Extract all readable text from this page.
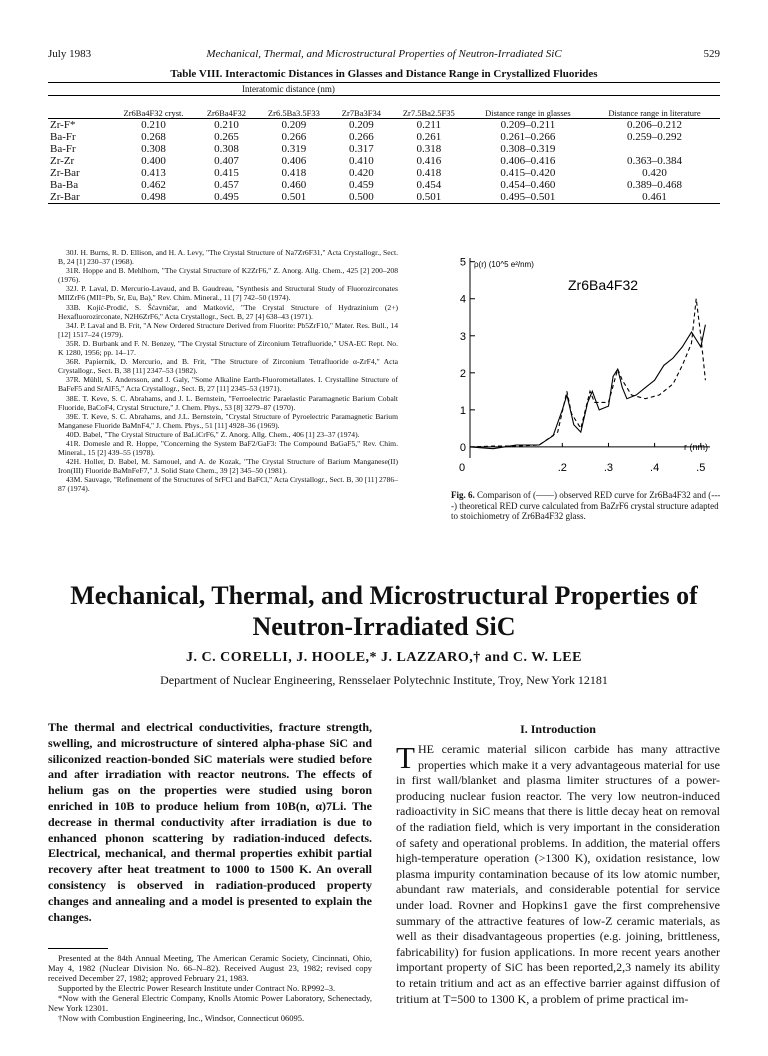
July 1983	Mechanical, Thermal, and Microstructural Properties of Neutron-Irradiated SiC	529
Table VIII. Interactomic Distances in Glasses and Distance Range in Crystallized Fluorides
	Interatomic distance (nm)						
	Zr6Ba4F32 cryst.	Zr6Ba4F32	Zr6.5Ba3.5F33	Zr7Ba3F34	Zr7.5Ba2.5F35	Distance range in glasses	Distance range in literature
Zr-F*	0.210	0.210	0.209	0.209	0.211	0.209–0.211	0.206–0.212
Ba-Fr	0.268	0.265	0.266	0.266	0.261	0.261–0.266	0.259–0.292
Ba-Fr	0.308	0.308	0.319	0.317	0.318	0.308–0.319	
Zr-Zr	0.400	0.407	0.406	0.410	0.416	0.406–0.416	0.363–0.384
Zr-Bar	0.413	0.415	0.418	0.420	0.418	0.415–0.420	0.420
Ba-Ba	0.462	0.457	0.460	0.459	0.454	0.454–0.460	0.389–0.468
Zr-Bar	0.498	0.495	0.501	0.500	0.501	0.495–0.501	0.461

30J. H. Burns, R. D. Ellison, and H. A. Levy, "The Crystal Structure of Na7Zr6F31," Acta Crystallogr., Sect. B, 24 [1] 230–37 (1968).

31R. Hoppe and B. Mehlhorn, "The Crystal Structure of K2ZrF6," Z. Anorg. Allg. Chem., 425 [2] 200–208 (1976).

32J. P. Laval, D. Mercurio-Lavaud, and B. Gaudreau, "Synthesis and Structural Study of Fluorozirconates MIIZrF6 (MII=Pb, Sr, Eu, Ba)," Rev. Chim. Mineral., 11 [7] 742–50 (1974).

33B. Kojić-Prodić, S. Šćavničar, and Matković, "The Crystal Structure of Hydrazinium (2+) Hexafluorozirconate, N2H6ZrF6," Acta Crystallogr., Sect. B, 27 [4] 638–43 (1971).

34J. P. Laval and B. Frit, "A New Ordered Structure Derived from Fluorite: Pb5ZrF10," Mater. Res. Bull., 14 [12] 1517–24 (1979).

35R. D. Burbank and F. N. Benzey, "The Crystal Structure of Zirconium Tetrafluoride," USA-EC Rept. No. K 1280, 1956; pp. 14–17.

36R. Papiernik, D. Mercurio, and B. Frit, "The Structure of Zirconium Tetrafluoride α-ZrF4," Acta Crystallogr., Sect. B, 38 [11] 2347–53 (1982).

37R. Mühll, S. Andersson, and J. Galy, "Some Alkaline Earth-Fluorometallates. I. Crystalline Structure of BaFeF5 and SrAlF5," Acta Crystallogr., Sect. B, 27 [11] 2345–53 (1971).

38E. T. Keve, S. C. Abrahams, and J. L. Bernstein, "Ferroelectric Paraelastic Paramagnetic Barium Cobalt Fluoride, BaCoF4, Crystal Structure," J. Chem. Phys., 53 [8] 3279–87 (1970).

39E. T. Keve, S. C. Abrahams, and J.L. Bernstein, "Crystal Structure of Pyroelectric Paramagnetic Barium Manganese Fluoride BaMnF4," J. Chem. Phys., 51 [11] 4928–36 (1969).

40D. Babel, "The Crystal Structure of BaLiCrF6," Z. Anorg. Allg. Chem., 406 [1] 23–37 (1974).

41R. Domesle and R. Hoppe, "Concerning the System BaF2/GaF3: The Compound BaGaF5," Rev. Chim. Mineral., 15 [2] 439–55 (1978).

42H. Holler, D. Babel, M. Samouel, and A. de Kozak, "The Crystal Structure of Barium Manganese(II) Iron(III) Fluoride BaMnFeF7," J. Solid State Chem., 39 [2] 345–50 (1981).

43M. Sauvage, "Refinement of the Structures of SrFCl and BaFCl," Acta Crystallogr., Sect. B, 30 [11] 2786–87 (1974).

0
1
2
3
4
5
0	.2	.3	.4	.5
ρ(r) (10^5 e²/nm)
r (nm)
Zr6Ba4F32
Fig. 6. Comparison of (——) observed RED curve for Zr6Ba4F32 and (----) theoretical RED curve calculated from BaZrF6 crystal structure adapted to stoichiometry of Zr6Ba4F32 glass.
Mechanical, Thermal, and Microstructural Properties of
Neutron-Irradiated SiC
J. C. CORELLI, J. HOOLE,* J. LAZZARO,† and C. W. LEE
Department of Nuclear Engineering, Rensselaer Polytechnic Institute, Troy, New York 12181
The thermal and electrical conductivities, fracture strength, swelling, and microstructure of sintered alpha-phase SiC and siliconized reaction-bonded SiC materials were studied before and after irradiation with reactor neutrons. The effects of helium gas on the properties were studied using boron enriched in 10B to produce helium from 10B(n, α)7Li. The decrease in thermal conductivity after irradiation is due to enhanced phonon scattering by radiation-induced defects. Electrical, mechanical, and thermal properties exhibit partial recovery after heat treatment to 1000 to 1500 K. An overall consistency is observed in radiation-produced property changes and annealing and a model is presented to explain the changes.

Presented at the 84th Annual Meeting, The American Ceramic Society, Cincinnati, Ohio, May 4, 1982 (Nuclear Division No. 66–N–82). Received August 23, 1982; revised copy received December 27, 1982; approved February 21, 1983.

Supported by the Electric Power Research Institute under Contract No. RP992–3.

*Now with the General Electric Company, Knolls Atomic Power Laboratory, Schenectady, New York 12301.

†Now with Combustion Engineering, Inc., Windsor, Connecticut 06095.

I. Introduction
THE ceramic material silicon carbide has many attractive properties which make it a very advantageous material for use in first wall/blanket and plasma limiter structures of a power-producing nuclear fusion reactor. The very low neutron-induced radioactivity in SiC means that there is little decay heat on removal of the radiation field, which is very important in the consideration of safety and operational problems. In addition, the material offers high-temperature operation (>1300 K), oxidation resistance, low plasma impurity contamination because of its low atomic number, abundant raw materials, and considerable potential for service under load. Rovner and Hopkins1 gave the first comprehensive summary of the attractive features of low-Z ceramic materials, as well as their disadvantageous properties (e.g. joining, brittleness, fabricability) for fusion applications. In more recent years another important property of SiC has been reported,2,3 namely its ability to retain tritium and act as an effective barrier against diffusion of tritium at T=500 to 1300 K, a problem of prime practical im-
